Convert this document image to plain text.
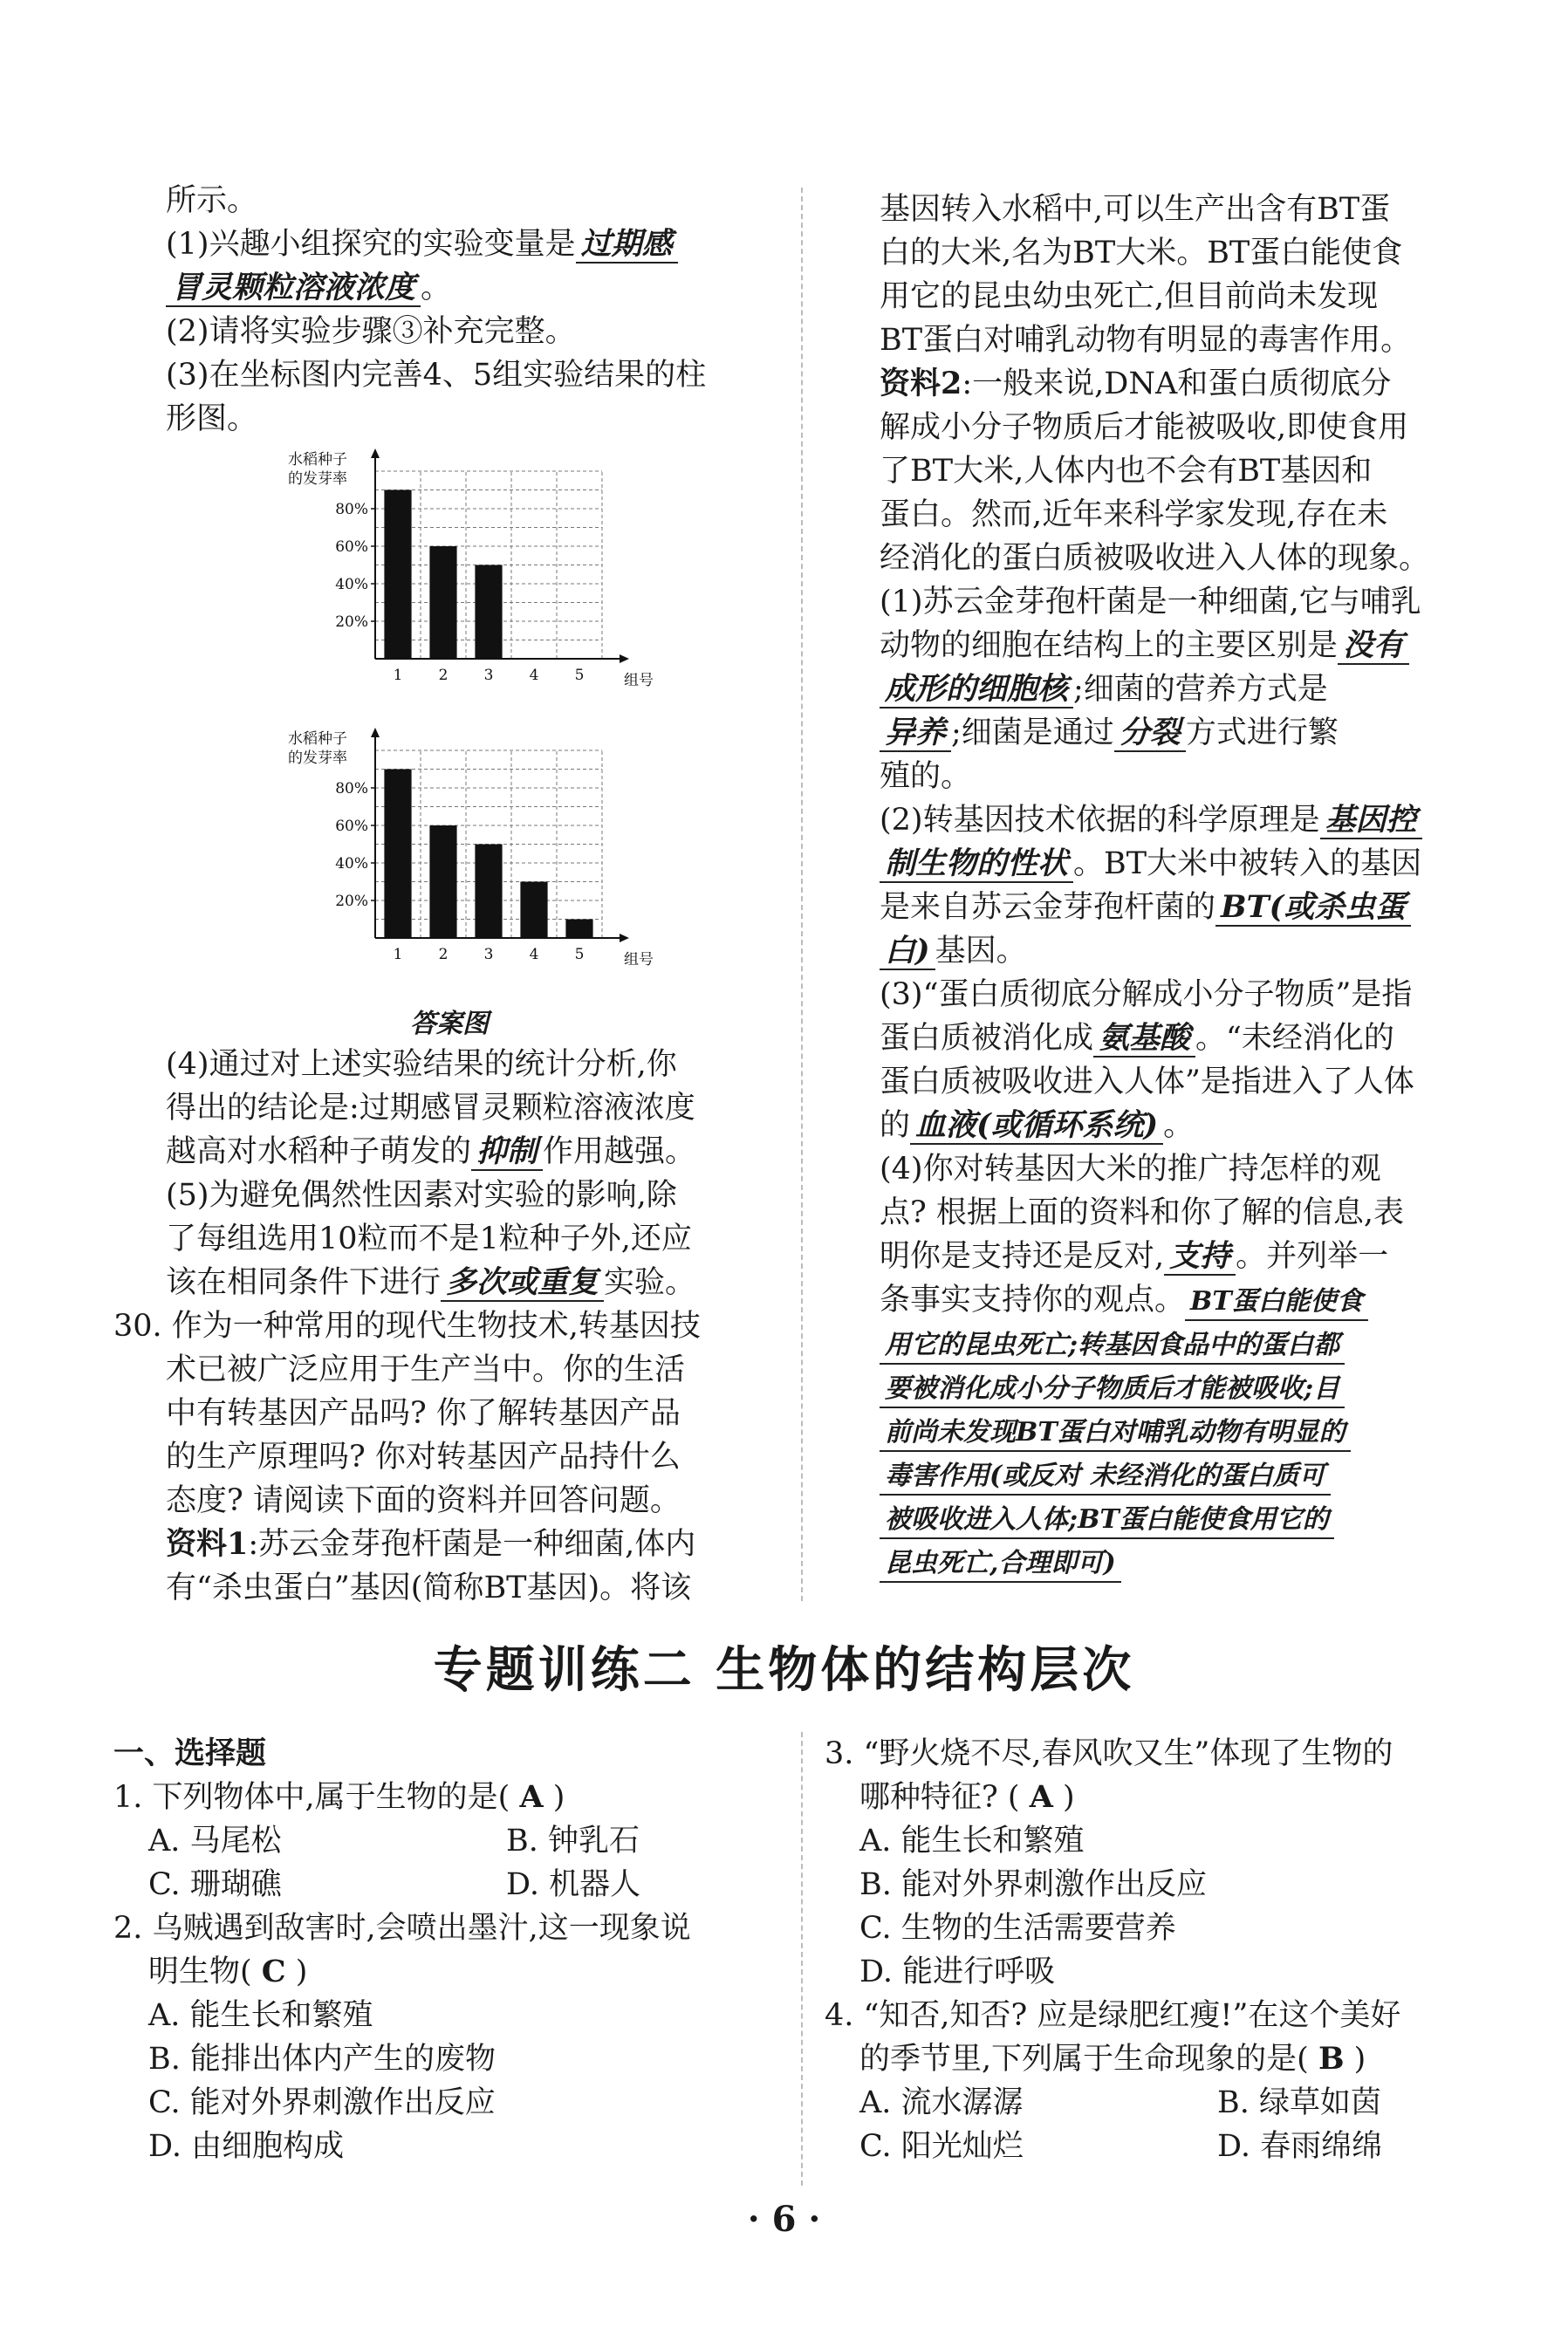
所示。

(1)兴趣小组探究的实验变量是 过期感

冒灵颗粒溶液浓度 。

(2)请将实验步骤③补充完整。

(3)在坐标图内完善4、5组实验结果的柱

形图。

20%
40%
60%
80%
1 2 3 4 5
水稻种子
的发芽率
组号
20%
40%
60%
80%
1 2 3 4 5
水稻种子
的发芽率
组号
答案图

(4)通过对上述实验结果的统计分析,你

得出的结论是:过期感冒灵颗粒溶液浓度

越高对水稻种子萌发的 抑制 作用越强。

(5)为避免偶然性因素对实验的影响,除

了每组选用10粒而不是1粒种子外,还应

该在相同条件下进行 多次或重复 实验。

30. 作为一种常用的现代生物技术,转基因技

术已被广泛应用于生产当中。你的生活

中有转基因产品吗? 你了解转基因产品

的生产原理吗? 你对转基因产品持什么

态度? 请阅读下面的资料并回答问题。

资料1:苏云金芽孢杆菌是一种细菌,体内

有“杀虫蛋白”基因(简称BT基因)。将该

基因转入水稻中,可以生产出含有BT蛋

白的大米,名为BT大米。BT蛋白能使食

用它的昆虫幼虫死亡,但目前尚未发现

BT蛋白对哺乳动物有明显的毒害作用。

资料2:一般来说,DNA和蛋白质彻底分

解成小分子物质后才能被吸收,即使食用

了BT大米,人体内也不会有BT基因和

蛋白。然而,近年来科学家发现,存在未

经消化的蛋白质被吸收进入人体的现象。

(1)苏云金芽孢杆菌是一种细菌,它与哺乳

动物的细胞在结构上的主要区别是 没有

成形的细胞核 ;细菌的营养方式是

异养 ;细菌是通过 分裂 方式进行繁

殖的。

(2)转基因技术依据的科学原理是 基因控

制生物的性状 。BT大米中被转入的基因

是来自苏云金芽孢杆菌的 BT(或杀虫蛋

白) 基因。

(3)“蛋白质彻底分解成小分子物质”是指

蛋白质被消化成 氨基酸 。“未经消化的

蛋白质被吸收进入人体”是指进入了人体

的 血液(或循环系统) 。

(4)你对转基因大米的推广持怎样的观

点? 根据上面的资料和你了解的信息,表

明你是支持还是反对, 支持 。并列举一

条事实支持你的观点。 BT蛋白能使食

用它的昆虫死亡;转基因食品中的蛋白都

要被消化成小分子物质后才能被吸收;目

前尚未发现BT蛋白对哺乳动物有明显的

毒害作用(或反对 未经消化的蛋白质可

被吸收进入人体;BT蛋白能使食用它的

昆虫死亡,合理即可)

专题训练二 生物体的结构层次

一、选择题

1. 下列物体中,属于生物的是( A )

A. 马尾松	B. 钟乳石

C. 珊瑚礁	D. 机器人

2. 乌贼遇到敌害时,会喷出墨汁,这一现象说

明生物( C )

A. 能生长和繁殖

B. 能排出体内产生的废物

C. 能对外界刺激作出反应

D. 由细胞构成

3. “野火烧不尽,春风吹又生”体现了生物的

哪种特征? ( A )

A. 能生长和繁殖

B. 能对外界刺激作出反应

C. 生物的生活需要营养

D. 能进行呼吸

4. “知否,知否? 应是绿肥红瘦!”在这个美好

的季节里,下列属于生命现象的是( B )

A. 流水潺潺	B. 绿草如茵

C. 阳光灿烂	D. 春雨绵绵

· 6 ·
